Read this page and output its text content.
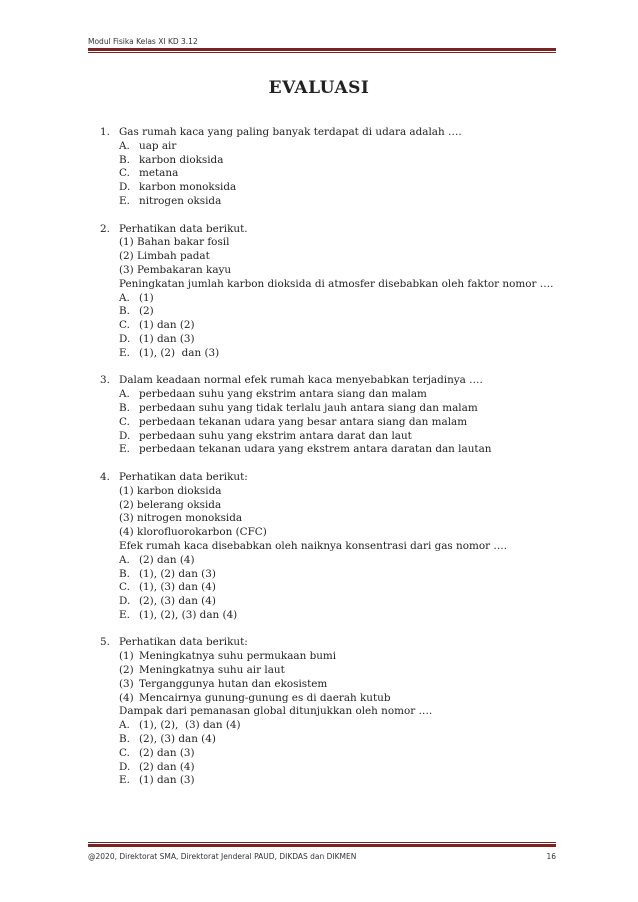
Modul Fisika Kelas XI KD 3.12
EVALUASI
1. Gas rumah kaca yang paling banyak terdapat di udara adalah ….
A. uap air
B. karbon dioksida
C. metana
D. karbon monoksida
E. nitrogen oksida
2. Perhatikan data berikut.
(1) Bahan bakar fosil
(2) Limbah padat
(3) Pembakaran kayu
Peningkatan jumlah karbon dioksida di atmosfer disebabkan oleh faktor nomor ….
A. (1)
B. (2)
C. (1) dan (2)
D. (1) dan (3)
E. (1), (2)  dan (3)
3. Dalam keadaan normal efek rumah kaca menyebabkan terjadinya ….
A. perbedaan suhu yang ekstrim antara siang dan malam
B. perbedaan suhu yang tidak terlalu jauh antara siang dan malam
C. perbedaan tekanan udara yang besar antara siang dan malam
D. perbedaan suhu yang ekstrim antara darat dan laut
E. perbedaan tekanan udara yang ekstrem antara daratan dan lautan
4. Perhatikan data berikut:
(1) karbon dioksida
(2) belerang oksida
(3) nitrogen monoksida
(4) klorofluorokarbon (CFC)
Efek rumah kaca disebabkan oleh naiknya konsentrasi dari gas nomor ….
A. (2) dan (4)
B. (1), (2) dan (3)
C. (1), (3) dan (4)
D. (2), (3) dan (4)
E. (1), (2), (3) dan (4)
5. Perhatikan data berikut:
(1) Meningkatnya suhu permukaan bumi
(2) Meningkatnya suhu air laut
(3) Terganggunya hutan dan ekosistem
(4) Mencairnya gunung-gunung es di daerah kutub
Dampak dari pemanasan global ditunjukkan oleh nomor ….
A. (1), (2),  (3) dan (4)
B. (2), (3) dan (4)
C. (2) dan (3)
D. (2) dan (4)
E. (1) dan (3)
@2020, Direktorat SMA, Direktorat Jenderal PAUD, DIKDAS dan DIKMEN	16
